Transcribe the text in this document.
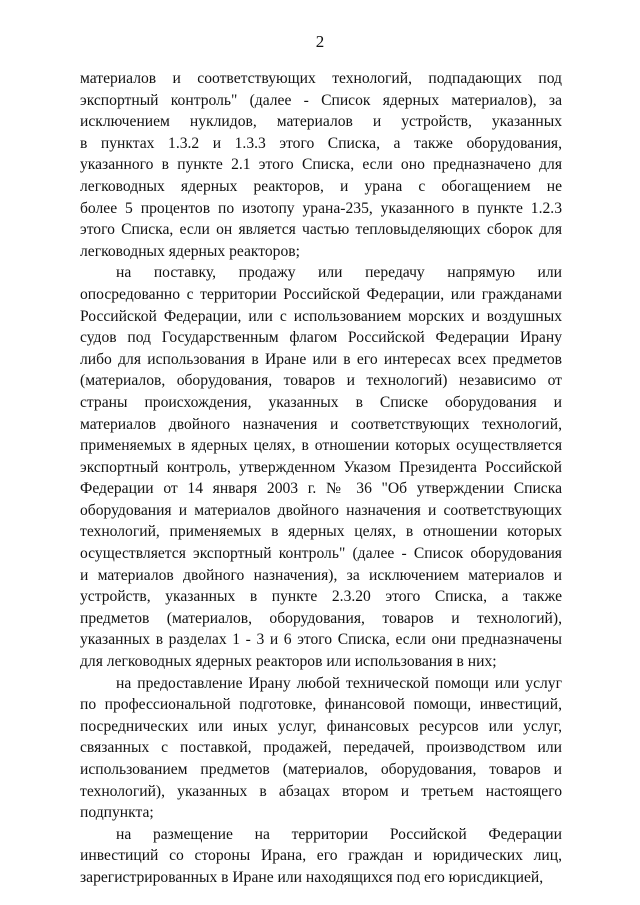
2
материалов и соответствующих технологий, подпадающих под
экспортный контроль" (далее - Список ядерных материалов), за
исключением нуклидов, материалов и устройств, указанных
в пунктах 1.3.2 и 1.3.3 этого Списка, а также оборудования,
указанного в пункте 2.1 этого Списка, если оно предназначено для
легководных ядерных реакторов, и урана с обогащением не
более 5 процентов по изотопу урана-235, указанного в пункте 1.2.3
этого Списка, если он является частью тепловыделяющих сборок для
легководных ядерных реакторов;
на поставку, продажу или передачу напрямую или
опосредованно с территории Российской Федерации, или гражданами
Российской Федерации, или с использованием морских и воздушных
судов под Государственным флагом Российской Федерации Ирану
либо для использования в Иране или в его интересах всех предметов
(материалов, оборудования, товаров и технологий) независимо от
страны происхождения, указанных в Списке оборудования и
материалов двойного назначения и соответствующих технологий,
применяемых в ядерных целях, в отношении которых осуществляется
экспортный контроль, утвержденном Указом Президента Российской
Федерации от 14 января 2003 г. № 36 "Об утверждении Списка
оборудования и материалов двойного назначения и соответствующих
технологий, применяемых в ядерных целях, в отношении которых
осуществляется экспортный контроль" (далее - Список оборудования
и материалов двойного назначения), за исключением материалов и
устройств, указанных в пункте 2.3.20 этого Списка, а также
предметов (материалов, оборудования, товаров и технологий),
указанных в разделах 1 - 3 и 6 этого Списка, если они предназначены
для легководных ядерных реакторов или использования в них;
на предоставление Ирану любой технической помощи или услуг
по профессиональной подготовке, финансовой помощи, инвестиций,
посреднических или иных услуг, финансовых ресурсов или услуг,
связанных с поставкой, продажей, передачей, производством или
использованием предметов (материалов, оборудования, товаров и
технологий), указанных в абзацах втором и третьем настоящего
подпункта;
на размещение на территории Российской Федерации
инвестиций со стороны Ирана, его граждан и юридических лиц,
зарегистрированных в Иране или находящихся под его юрисдикцией,
